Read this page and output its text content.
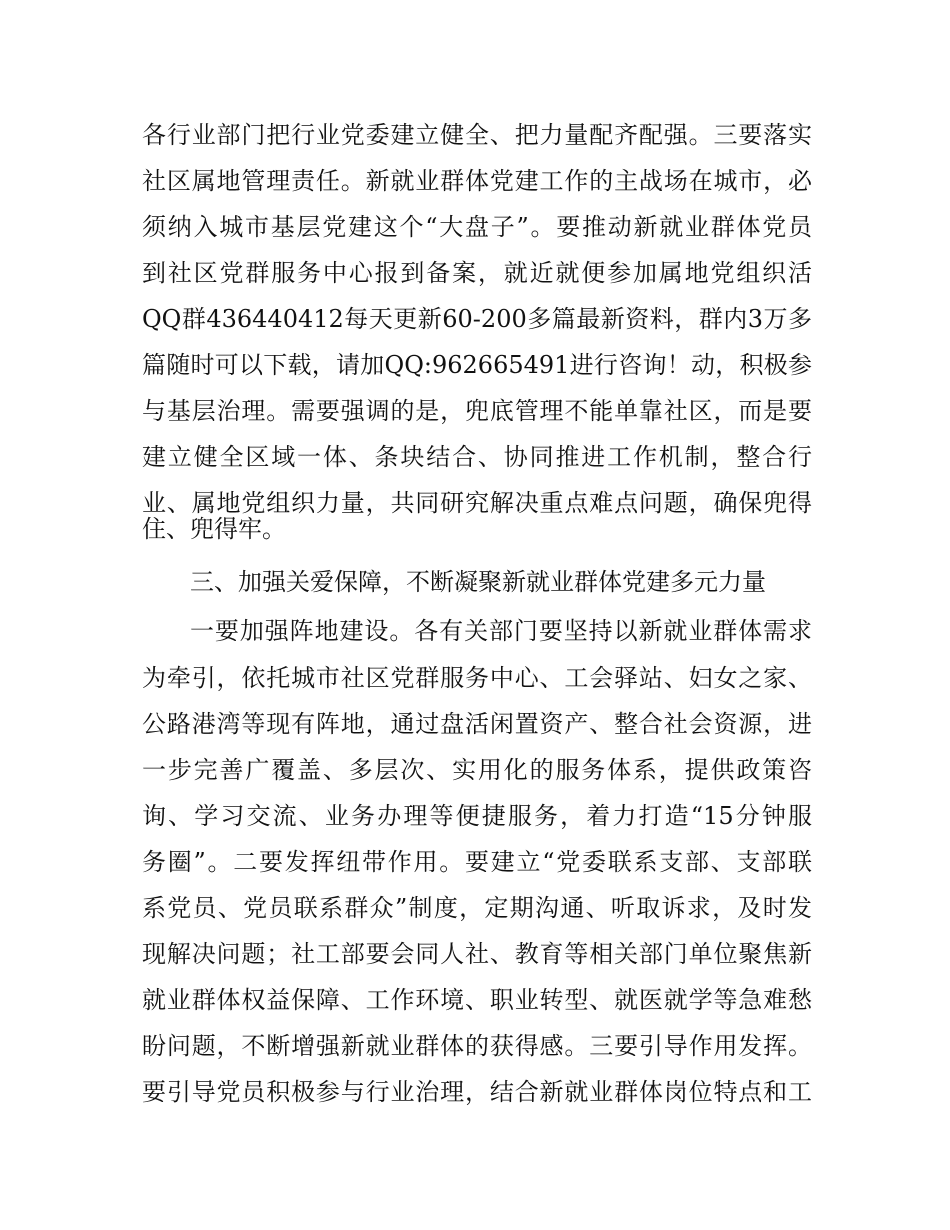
各行业部门把行业党委建立健全、把力量配齐配强。三要落实
社区属地管理责任。新就业群体党建工作的主战场在城市，必
须纳入城市基层党建这个“大盘子”。要推动新就业群体党员
到社区党群服务中心报到备案，就近就便参加属地党组织活
QQ群436440412每天更新60-200多篇最新资料，群内3万多
篇随时可以下载，请加QQ:962665491进行咨询！动，积极参
与基层治理。需要强调的是，兜底管理不能单靠社区，而是要
建立健全区域一体、条块结合、协同推进工作机制，整合行
业、属地党组织力量，共同研究解决重点难点问题，确保兜得
住、兜得牢。
三、加强关爱保障，不断凝聚新就业群体党建多元力量
一要加强阵地建设。各有关部门要坚持以新就业群体需求
为牵引，依托城市社区党群服务中心、工会驿站、妇女之家、
公路港湾等现有阵地，通过盘活闲置资产、整合社会资源，进
一步完善广覆盖、多层次、实用化的服务体系，提供政策咨
询、学习交流、业务办理等便捷服务，着力打造“15分钟服
务圈”。二要发挥纽带作用。要建立“党委联系支部、支部联
系党员、党员联系群众”制度，定期沟通、听取诉求，及时发
现解决问题；社工部要会同人社、教育等相关部门单位聚焦新
就业群体权益保障、工作环境、职业转型、就医就学等急难愁
盼问题，不断增强新就业群体的获得感。三要引导作用发挥。
要引导党员积极参与行业治理，结合新就业群体岗位特点和工
